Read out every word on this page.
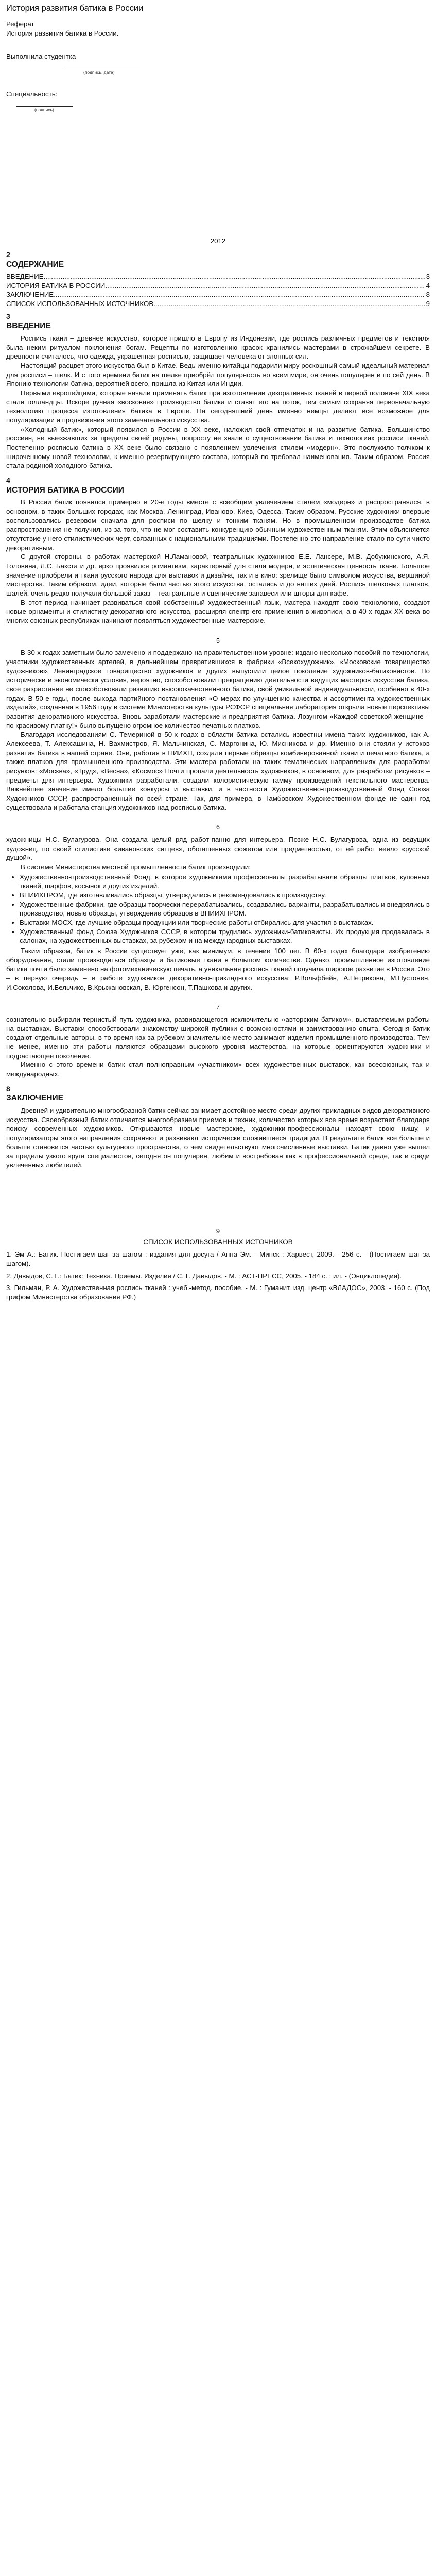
История развития батика в России

Реферат

История развития батика в России.

Выполнила студентка

(подпись, дата)

Специальность:

(подпись)
2012
2
СОДЕРЖАНИЕ
ВВЕДЕНИЕ .....	3
ИСТОРИЯ БАТИКА В РОССИИ .....	4
ЗАКЛЮЧЕНИЕ .....	8
СПИСОК ИСПОЛЬЗОВАННЫХ ИСТОЧНИКОВ .....	9
3
ВВЕДЕНИЕ

Роспись ткани – древнее искусство, которое пришло в Европу из Индонезии, где роспись различных предметов и текстиля была неким ритуалом поклонения богам. Рецепты по изготовлению красок хранились мастерами в строжайшем секрете. В древности считалось, что одежда, украшенная росписью, защищает человека от злонных сил.

Настоящий расцвет этого искусства был в Китае. Ведь именно китайцы подарили миру роскошный самый идеальный материал для росписи – шелк. И с того времени батик на шелке приобрёл популярность во всем мире, он очень популярен и по сей день. В Японию технологии батика, вероятней всего, пришла из Китая или Индии.

Первыми европейцами, которые начали применять батик при изготовлении декоративных тканей в первой половине XIX века стали голландцы. Вскоре ручная «восковая» производство батика и ставят его на поток, тем самым сохраняя первоначальную технологию процесса изготовления батика в Европе. На сегодняшний день именно немцы делают все возможное для популяризации и продвижения этого замечательного искусства.

«Холодный батик», который появился в России в XX веке, наложил свой отпечаток и на развитие батика. Большинство россиян, не выезжавших за пределы своей родины, попросту не знали о существовании батика и технологиях росписи тканей. Постепенно росписью батика в ХХ веке было связано с появлением увлечения стилем «модерн». Это послужило толчком к широченному новой технологии, к именно резервирующего состава, который по-требовал наименования. Таким образом, Россия стала родиной холодного батика.

4
ИСТОРИЯ БАТИКА В РОССИИ

В России батик появился примерно в 20-е годы вместе с всеобщим увлечением стилем «модерн» и распространялся, в основном, в таких больших городах, как Москва, Ленинград, Иваново, Киев, Одесса. Таким образом. Русские художники впервые воспользовались резервом сначала для росписи по шелку и тонким тканям. Но в промышленном производстве батика распространения не получил, из-за того, что не мог составить конкуренцию обычным художественным тканям. Этим объясняется отсутствие у него стилистических черт, связанных с национальными традициями. Постепенно это направление стало по сути чисто декоративным.

С другой стороны, в работах мастерской Н.Ламановой, театральных художников Е.Е. Лансере, М.В. Добужинского, А.Я. Головина, Л.С. Бакста и др. ярко проявился романтизм, характерный для стиля модерн, и эстетическая ценность ткани. Большое значение приобрели и ткани русского народа для выставок и дизайна, так и в кино: зрелище было символом искусства, вершиной мастерства. Таким образом, идеи, которые были частью этого искусства, остались и до наших дней. Роспись шелковых платков, шалей, очень редко получали большой заказ – театральные и сценические занавеси или шторы для кафе.

В этот период начинает развиваться свой собственный художественный язык, мастера находят свою технологию, создают новые орнаменты и стилистику декоративного искусства, расширяя спектр его применения в живописи, а в 40-х годах XX века во многих союзных республиках начинают появляться художественные мастерские.

5

В 30-х годах заметным было замечено и поддержано на правительственном уровне: издано несколько пособий по технологии, участники художественных артелей, в дальнейшем превратившихся в фабрики «Всекохудожник», «Московские товарищество художников», Ленинградское товарищество художников и других выпустили целое поколение художников-батиковистов. Но исторически и экономически условия, вероятно, способствовали прекращению деятельности ведущих мастеров искусства батика, свое разрастание не способствовали развитию высококачественного батика, свой уникальной индивидуальности, особенно в 40-х годах. В 50-е годы, после выхода партийного постановления «О мерах по улучшению качества и ассортимента художественных изделий», созданная в 1956 году в системе Министерства культуры РСФСР специальная лаборатория открыла новые перспективы развития декоративного искусства. Вновь заработали мастерские и предприятия батика. Лозунгом «Каждой советской женщине – по красивому платку!» было выпущено огромное количество печатных платков.

Благодаря исследованиям С. Темериной в 50-х годах в области батика остались известны имена таких художников, как А. Алексеева, Т. Алексашина, Н. Вахмистров, Я. Мальчинская, С. Маргонина, Ю. Мисникова и др. Именно они стояли у истоков развития батика в нашей стране. Они, работая в НИИХП, создали первые образцы комбинированной ткани и печатного батика, а также платков для промышленного производства. Эти мастера работали на таких тематических направлениях для разработки рисунков: «Москва», «Труд», «Весна», «Космос» Почти пропали деятельность художников, в основном, для разработки рисунков – предметы для интерьера. Художники разработали, создали колористическую гамму произведений текстильного мастерства. Важнейшее значение имело большие конкурсы и выставки, и в частности Художественно-производственный Фонд Союза Художников СССР, распространенный по всей стране. Так, для примера, в Тамбовском Художественном фонде не один год существовала и работала станция художников над росписью батика.

6

художницы Н.С. Булагурова. Она создала целый ряд работ-панно для интерьера. Позже Н.С. Булагурова, одна из ведущих художниц, по своей стилистике «ивановских ситцев», обогащенных сюжетом или предметностью, от её работ веяло «русской душой».

В системе Министерства местной промышленности батик производили:

• Художественно-производственный Фонд, в которое художниками профессионалы разрабатывали образцы платков, купонных тканей, шарфов, косынок и других изделий.
• ВНИИХПРОМ, где изготавливались образцы, утверждались и рекомендовались к производству.
• Художественные фабрики, где образцы творчески перерабатывались, создавались варианты, разрабатывались и внедрялись в производство, новые образцы, утверждение образцов в ВНИИХПРОМ.
• Выставки МОСХ, где лучшие образцы продукции или творческие работы отбирались для участия в выставках.
• Художественный фонд Союза Художников СССР, в котором трудились художники-батиковисты. Их продукция продавалась в салонах, на художественных выставках, за рубежом и на международных выставках.

Таким образом, батик в России существует уже, как минимум, в течение 100 лет. В 60-х годах благодаря изобретению оборудования, стали производиться образцы и батиковые ткани в большом количестве. Однако, промышленное изготовление батика почти было заменено на фотомеханическую печать, а уникальная роспись тканей получила широкое развитие в России. Это – в первую очередь – в работе художников декоративно-прикладного искусства: Р.Вольфбейн, А.Петрикова, М.Пустонен, И.Соколова, И.Бельчико, В.Крыжановская, В. Юргенсон, Т.Пашкова и других.

7

сознательно выбирали тернистый путь художника, развивающегося исключительно «авторским батиком», выставляемым работы на выставках. Выставки способствовали знакомству широкой публики с возможностями и заимствованию опыта. Сегодня батик создают отдельные авторы, в то время как за рубежом значительное место занимают изделия промышленного производства. Тем не менее, именно эти работы являются образцами высокого уровня мастерства, на которые ориентируются художники и подрастающее поколение.

Именно с этого времени батик стал полноправным «участником» всех художественных выставок, как всесоюзных, так и международных.

8
ЗАКЛЮЧЕНИЕ

Древней и удивительно многообразной батик сейчас занимает достойное место среди других прикладных видов декоративного искусства. Своеобразный батик отличается многообразием приемов и техник, количество которых все время возрастает благодаря поиску современных художников. Открываются новые мастерские, художники-профессионалы находят свою нишу, и популяризаторы этого направления сохраняют и развивают исторически сложившиеся традиции. В результате батик все больше и больше становится частью культурного пространства, о чем свидетельствуют многочисленные выставки. Батик давно уже вышел за пределы узкого круга специалистов, сегодня он популярен, любим и востребован как в профессиональной среде, так и среди увлеченных любителей.

9
СПИСОК ИСПОЛЬЗОВАННЫХ ИСТОЧНИКОВ
1. Эм А.: Батик. Постигаем шаг за шагом : издания для досуга / Анна Эм. - Минск : Харвест, 2009. - 256 с. - (Постигаем шаг за шагом).
2. Давыдов, С. Г.: Батик: Техника. Приемы. Изделия / С. Г. Давыдов. - М. : АСТ-ПРЕСС, 2005. - 184 с. : ил. - (Энциклопедия).
3. Гильман, Р. А. Художественная роспись тканей : учеб.-метод. пособие. - М. : Гуманит. изд. центр «ВЛАДОС», 2003. - 160 с. (Под грифом Министерства образования РФ.)
